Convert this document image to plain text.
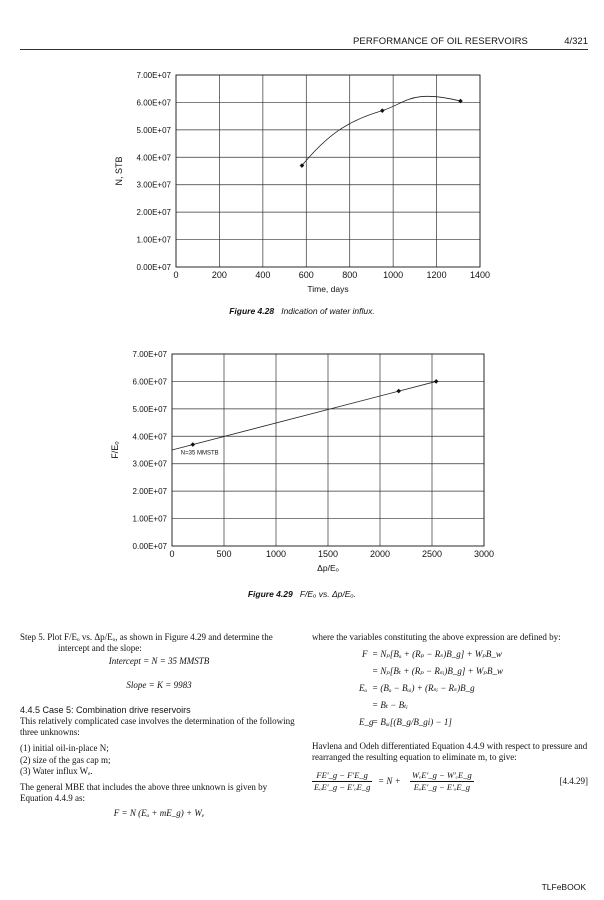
PERFORMANCE OF OIL RESERVOIRS	4/321
0	200	400	600	800	1000	1200	1400
0.00E+07
1.00E+07
2.00E+07
3.00E+07
4.00E+07
5.00E+07
6.00E+07
7.00E+07
Time, days
N, STB
Figure 4.28 Indication of water influx.
0	500	1000	1500	2000	2500	3000
0.00E+07
1.00E+07
2.00E+07
3.00E+07
4.00E+07
5.00E+07
6.00E+07
7.00E+07
Δp/Eₒ
F/Eₒ	N=35 MMSTB
Figure 4.29 F/Eₒ vs. Δp/Eₒ.

Step 5. Plot F/Eₒ vs. Δp/Eₒ, as shown in Figure 4.29 and determine the intercept and the slope:

Intercept = N = 35 MMSTB

Slope = K = 9983

4.4.5 Case 5: Combination drive reservoirs

This relatively complicated case involves the determination of the following three unknowns:

(1) initial oil-in-place N;

(2) size of the gas cap m;

(3) Water influx Wₑ.

The general MBE that includes the above three unknown is given by Equation 4.4.9 as:

F = N (Eₒ + mE_g) + Wₑ

where the variables constituting the above expression are defined by:

F = Nₚ[Bₒ + (Rₚ − Rₛ)B_g] + WₚB_w
= Nₚ[Bₜ + (Rₚ − Rₛᵢ)B_g] + WₚB_w
Eₒ = (Bₒ − Bₒᵢ) + (Rₛᵢ − Rₛ)B_g
= Bₜ − Bₜᵢ
E_g
= Bₒᵢ[(B_g/B_gi) − 1]

Havlena and Odeh differentiated Equation 4.4.9 with respect to pressure and rearranged the resulting equation to eliminate m, to give:

FE′_g − F′E_g
EₒE′_g − E′ₒE_g
= N +
WₑE′_g − W′ₑE_g
EₒE′_g − E′ₒE_g
[4.4.29]
TLFeBOOK
